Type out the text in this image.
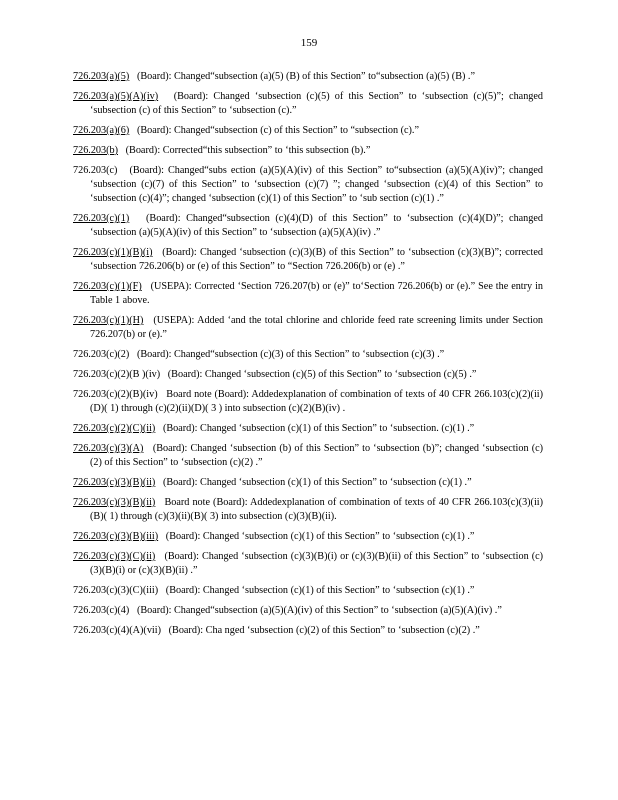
159
726.203(a)(5) (Board): Changed“subsection (a)(5) (B) of this Section” to“subsection (a)(5) (B) .”
726.203(a)(5)(A)(iv) (Board): Changed ‘subsection (c)(5) of this Section” to ‘subsection (c)(5)”; changed ‘subsection (c) of this Section” to ‘subsection (c).”
726.203(a)(6) (Board): Changed“subsection (c) of this Section” to “subsection (c).”
726.203(b) (Board): Corrected“this subsection” to ‘this subsection (b).”
726.203(c) (Board): Changed“subs ection (a)(5)(A)(iv) of this Section” to“subsection (a)(5)(A)(iv)”; changed ‘subsection (c)(7) of this Section” to ‘subsection (c)(7) ”; changed ‘subsection (c)(4) of this Section” to ‘subsection (c)(4)”; changed ‘subsection (c)(1) of this Section” to ‘sub section (c)(1) .”
726.203(c)(1) (Board): Changed“subsection (c)(4)(D) of this Section” to ‘subsection (c)(4)(D)”; changed ‘subsection (a)(5)(A)(iv) of this Section” to ‘subsection (a)(5)(A)(iv) .”
726.203(c)(1)(B)(i) (Board): Changed ‘subsection (c)(3)(B) of this Section” to ‘subsection (c)(3)(B)”; corrected ‘subsection 726.206(b) or (e) of this Section” to “Section 726.206(b) or (e) .”
726.203(c)(1)(F) (USEPA): Corrected ‘Section 726.207(b) or (e)” to‘Section 726.206(b) or (e).” See the entry in Table 1 above.
726.203(c)(1)(H) (USEPA): Added ‘and the total chlorine and chloride feed rate screening limits under Section 726.207(b) or (e).”
726.203(c)(2) (Board): Changed“subsection (c)(3) of this Section” to ‘subsection (c)(3) .”
726.203(c)(2)(B )(iv) (Board): Changed ‘subsection (c)(5) of this Section” to ‘subsection (c)(5) .”
726.203(c)(2)(B)(iv) Board note (Board): Addedexplanation of combination of texts of 40 CFR 266.103(c)(2)(ii)(D)( 1) through (c)(2)(ii)(D)( 3 ) into subsection (c)(2)(B)(iv) .
726.203(c)(2)(C)(ii) (Board): Changed ‘subsection (c)(1) of this Section” to ‘subsection. (c)(1) .”
726.203(c)(3)(A) (Board): Changed ‘subsection (b) of this Section” to ‘subsection (b)”; changed ‘subsection (c)(2) of this Section” to ‘subsection (c)(2) .”
726.203(c)(3)(B)(ii) (Board): Changed ‘subsection (c)(1) of this Section” to ‘subsection (c)(1) .”
726.203(c)(3)(B)(ii) Board note (Board): Addedexplanation of combination of texts of 40 CFR 266.103(c)(3)(ii)(B)( 1) through (c)(3)(ii)(B)( 3) into subsection (c)(3)(B)(ii).
726.203(c)(3)(B)(iii) (Board): Changed ‘subsection (c)(1) of this Section” to ‘subsection (c)(1) .”
726.203(c)(3)(C)(ii) (Board): Changed ‘subsection (c)(3)(B)(i) or (c)(3)(B)(ii) of this Section” to ‘subsection (c)(3)(B)(i) or (c)(3)(B)(ii) .”
726.203(c)(3)(C)(iii) (Board): Changed ‘subsection (c)(1) of this Section” to ‘subsection (c)(1) .”
726.203(c)(4) (Board): Changed“subsection (a)(5)(A)(iv) of this Section” to ‘subsection (a)(5)(A)(iv) .”
726.203(c)(4)(A)(vii) (Board): Cha nged ‘subsection (c)(2) of this Section” to ‘subsection (c)(2) .”
